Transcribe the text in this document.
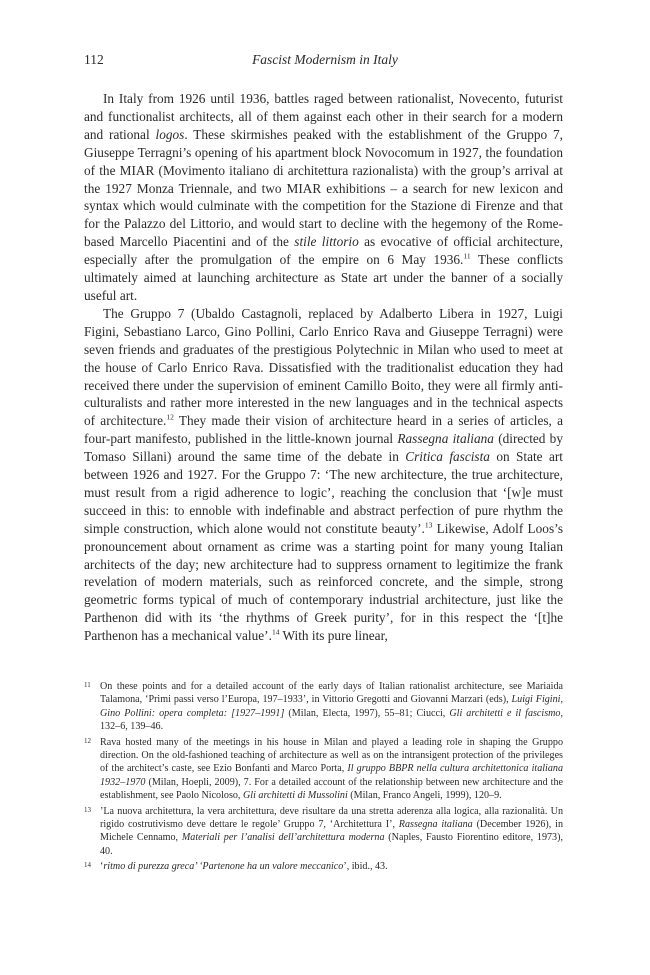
112	Fascist Modernism in Italy

In Italy from 1926 until 1936, battles raged between rationalist, Novecento, futurist and functionalist architects, all of them against each other in their search for a modern and rational logos. These skirmishes peaked with the establishment of the Gruppo 7, Giuseppe Terragni’s opening of his apartment block Novocomum in 1927, the foundation of the MIAR (Movimento italiano di architettura razionalista) with the group’s arrival at the 1927 Monza Triennale, and two MIAR exhibitions – a search for new lexicon and syntax which would culminate with the competition for the Stazione di Firenze and that for the Palazzo del Littorio, and would start to decline with the hegemony of the Rome-based Marcello Piacentini and of the stile littorio as evocative of official architecture, especially after the promulgation of the empire on 6 May 1936.11 These conflicts ultimately aimed at launching architecture as State art under the banner of a socially useful art.

The Gruppo 7 (Ubaldo Castagnoli, replaced by Adalberto Libera in 1927, Luigi Figini, Sebastiano Larco, Gino Pollini, Carlo Enrico Rava and Giuseppe Terragni) were seven friends and graduates of the prestigious Polytechnic in Milan who used to meet at the house of Carlo Enrico Rava. Dissatisfied with the traditionalist education they had received there under the supervision of eminent Camillo Boito, they were all firmly anti-culturalists and rather more interested in the new languages and in the technical aspects of architecture.$^{12}$ They made their vision of architecture heard in a series of articles, a four-part manifesto, published in the little-known journal Rassegna italiana (directed by Tomaso Sillani) around the same time of the debate in Critica fascista on State art between 1926 and 1927. For the Gruppo 7: ‘The new architecture, the true architecture, must result from a rigid adherence to logic’, reaching the conclusion that ‘[w]e must succeed in this: to ennoble with indefinable and abstract perfection of pure rhythm the simple construction, which alone would not constitute beauty’.$^{13}$ Likewise, Adolf Loos’s pronouncement about ornament as crime was a starting point for many young Italian architects of the day; new architecture had to suppress ornament to legitimize the frank revelation of modern materials, such as reinforced concrete, and the simple, strong geometric forms typical of much of contemporary industrial architecture, just like the Parthenon did with its ‘the rhythms of Greek purity’, for in this respect the ‘[t]he Parthenon has a mechanical value’.$^{14}$ With its pure linear,

11 On these points and for a detailed account of the early days of Italian rationalist architecture, see Mariaida Talamona, ‘Primi passi verso l’Europa, 197–1933’, in Vittorio Gregotti and Giovanni Marzari (eds), Luigi Figini, Gino Pollini: opera completa: [1927–1991] (Milan, Electa, 1997), 55–81; Ciucci, Gli architetti e il fascismo, 132–6, 139–46.
12 Rava hosted many of the meetings in his house in Milan and played a leading role in shaping the Gruppo direction. On the old-fashioned teaching of architecture as well as on the intransigent protection of the privileges of the architect’s caste, see Ezio Bonfanti and Marco Porta, Il gruppo BBPR nella cultura architettonica italiana 1932–1970 (Milan, Hoepli, 2009), 7. For a detailed account of the relationship between new architecture and the establishment, see Paolo Nicoloso, Gli architetti di Mussolini (Milan, Franco Angeli, 1999), 120–9.
13 ’La nuova architettura, la vera architettura, deve risultare da una stretta aderenza alla logica, alla razionalità. Un rigido costrutivismo deve dettare le regole’ Gruppo 7, ‘Architettura I’, Rassegna italiana (December 1926), in Michele Cennamo, Materiali per l’analisi dell’architettura moderna (Naples, Fausto Fiorentino editore, 1973), 40.
14 ‘ritmo di purezza greca’ ‘Partenone ha un valore meccanico’, ibid., 43.
